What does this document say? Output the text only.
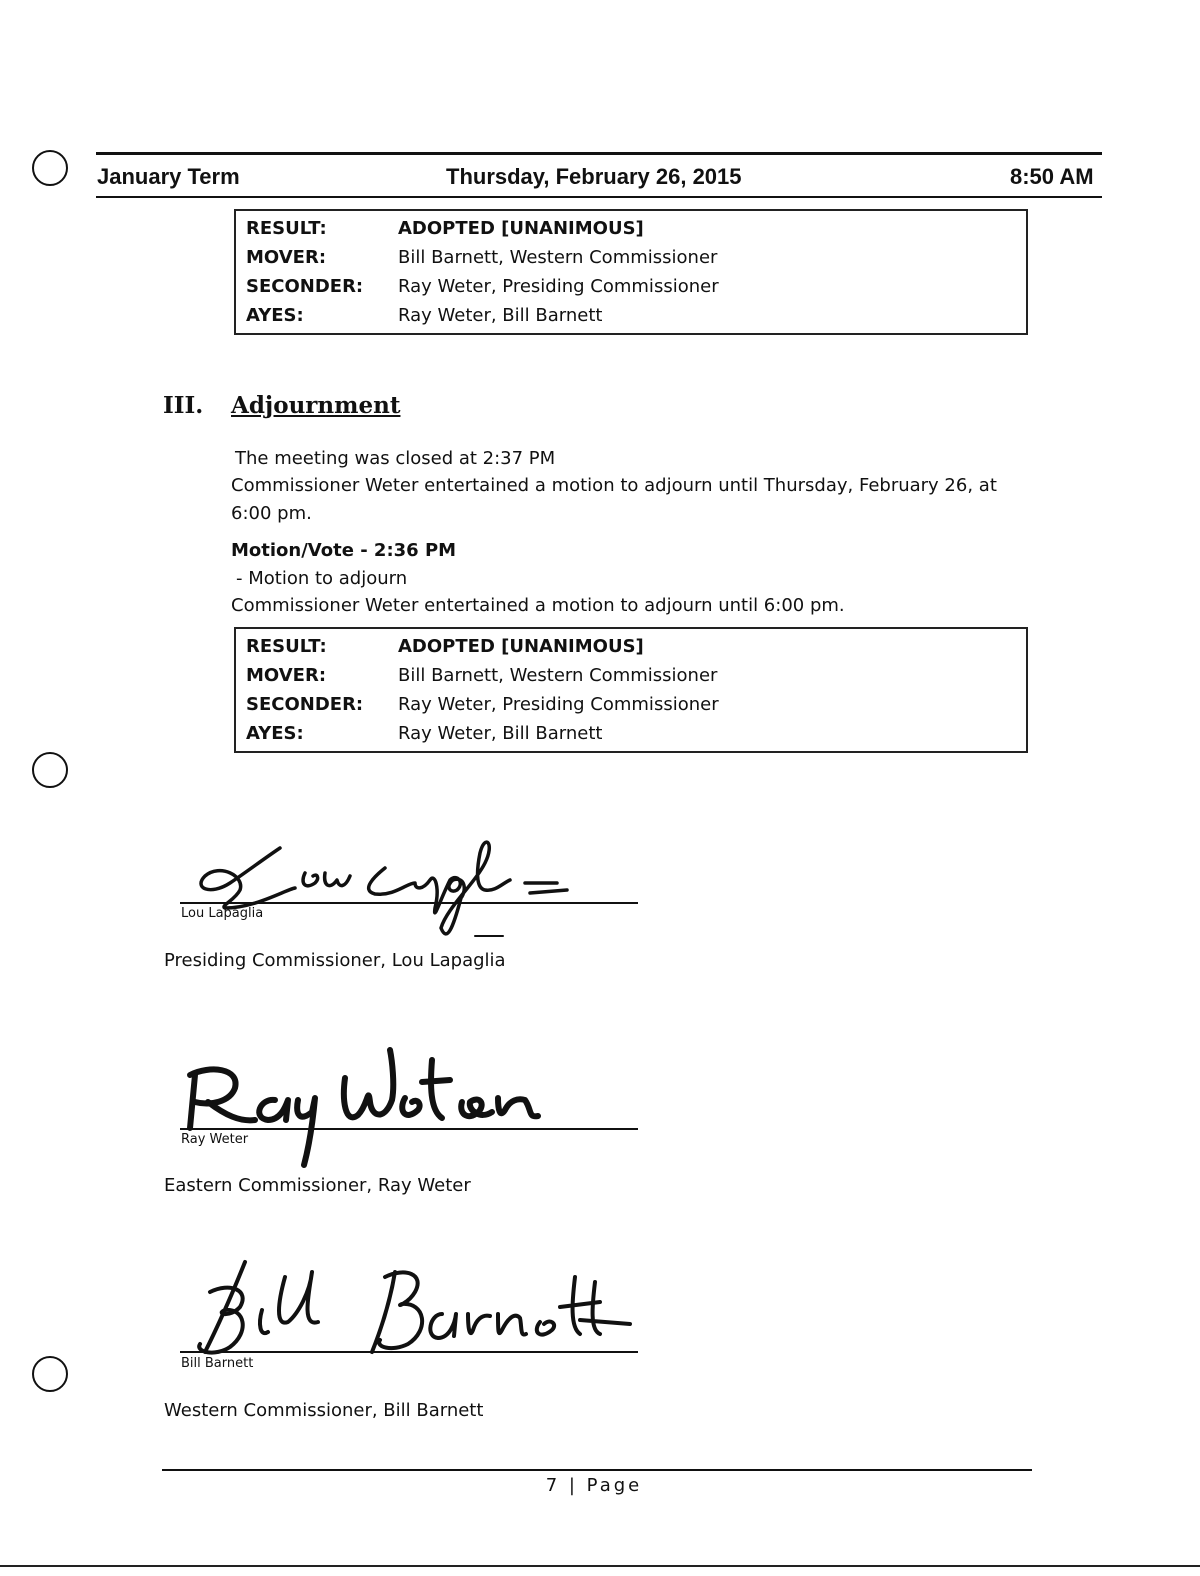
January Term	Thursday, February 26, 2015	8:50 AM
RESULT:	ADOPTED [UNANIMOUS]
MOVER:	Bill Barnett, Western Commissioner
SECONDER:	Ray Weter, Presiding Commissioner
AYES:	Ray Weter, Bill Barnett
III. Adjournment
The meeting was closed at 2:37 PM
Commissioner Weter entertained a motion to adjourn until Thursday, February 26, at 6:00 pm.
Motion/Vote - 2:36 PM
- Motion to adjourn
Commissioner Weter entertained a motion to adjourn until 6:00 pm.
RESULT:	ADOPTED [UNANIMOUS]
MOVER:	Bill Barnett, Western Commissioner
SECONDER:	Ray Weter, Presiding Commissioner
AYES:	Ray Weter, Bill Barnett
Lou Lapaglia
Presiding Commissioner, Lou Lapaglia
Ray Weter
Eastern Commissioner, Ray Weter
Bill Barnett
Western Commissioner, Bill Barnett
7 | Page
